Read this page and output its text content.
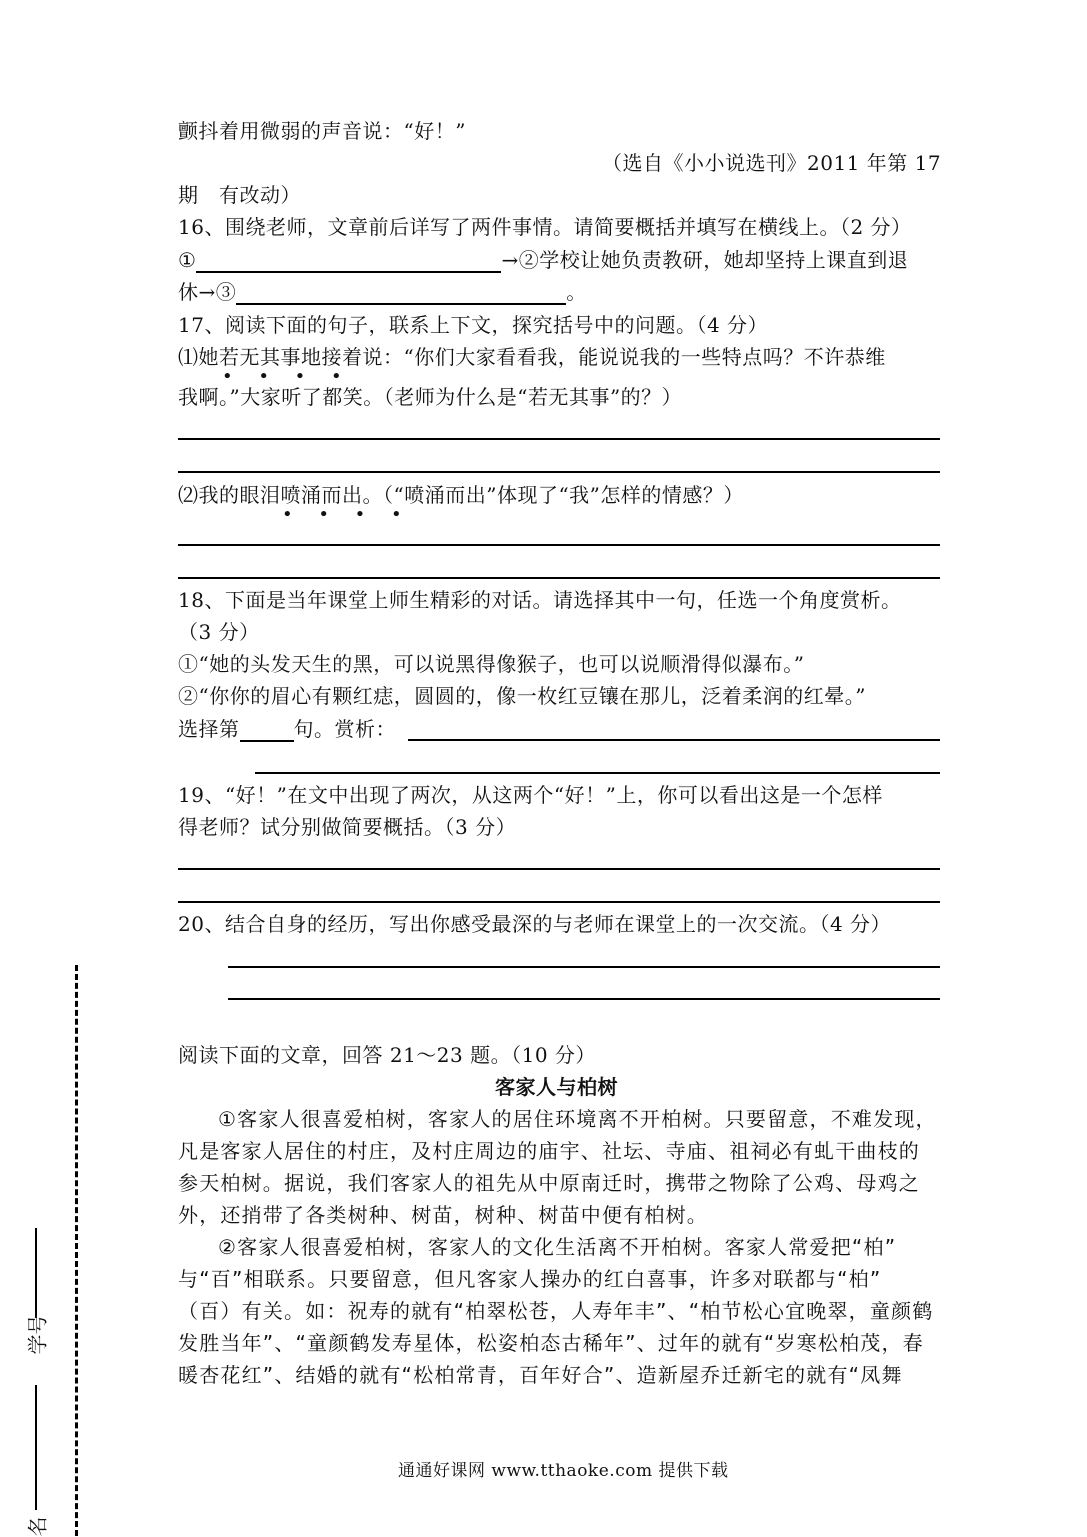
颤抖着用微弱的声音说：“好！”
（选自《小小说选刊》2011 年第 17
期　有改动）
16、围绕老师，文章前后详写了两件事情。请简要概括并填写在横线上。（2 分）
①	→②学校让她负责教研，她却坚持上课直到退
休→③	。
17、阅读下面的句子，联系上下文，探究括号中的问题。（4 分）
⑴她若无其事地接着说：“你们大家看看我，能说说我的一些特点吗？不许恭维
• • • •
我啊。”大家听了都笑。（老师为什么是“若无其事”的？）
⑵我的眼泪喷涌而出。（“喷涌而出”体现了“我”怎样的情感？）
• • • •
18、下面是当年课堂上师生精彩的对话。请选择其中一句，任选一个角度赏析。
（3 分）
①“她的头发天生的黑，可以说黑得像猴子，也可以说顺滑得似瀑布。”
②“你你的眉心有颗红痣，圆圆的，像一枚红豆镶在那儿，泛着柔润的红晕。”
选择第	句。赏析：
19、“好！”在文中出现了两次，从这两个“好！”上，你可以看出这是一个怎样
得老师？试分别做简要概括。（3 分）
20、结合自身的经历，写出你感受最深的与老师在课堂上的一次交流。（4 分）
阅读下面的文章，回答 21～23 题。（10 分）
客家人与柏树
①客家人很喜爱柏树，客家人的居住环境离不开柏树。只要留意，不难发现，
凡是客家人居住的村庄，及村庄周边的庙宇、社坛、寺庙、祖祠必有虬干曲枝的
参天柏树。据说，我们客家人的祖先从中原南迁时，携带之物除了公鸡、母鸡之
外，还捎带了各类树种、树苗，树种、树苗中便有柏树。
②客家人很喜爱柏树，客家人的文化生活离不开柏树。客家人常爱把“柏”
与“百”相联系。只要留意，但凡客家人操办的红白喜事，许多对联都与“柏”
（百）有关。如：祝寿的就有“柏翠松苍，人寿年丰”、“柏节松心宜晚翠，童颜鹤
发胜当年”、“童颜鹤发寿星体，松姿柏态古稀年”、过年的就有“岁寒松柏茂，春
暖杏花红”、结婚的就有“松柏常青，百年好合”、造新屋乔迁新宅的就有“凤舞
通通好课网 www.tthaoke.com 提供下载
学号
名
